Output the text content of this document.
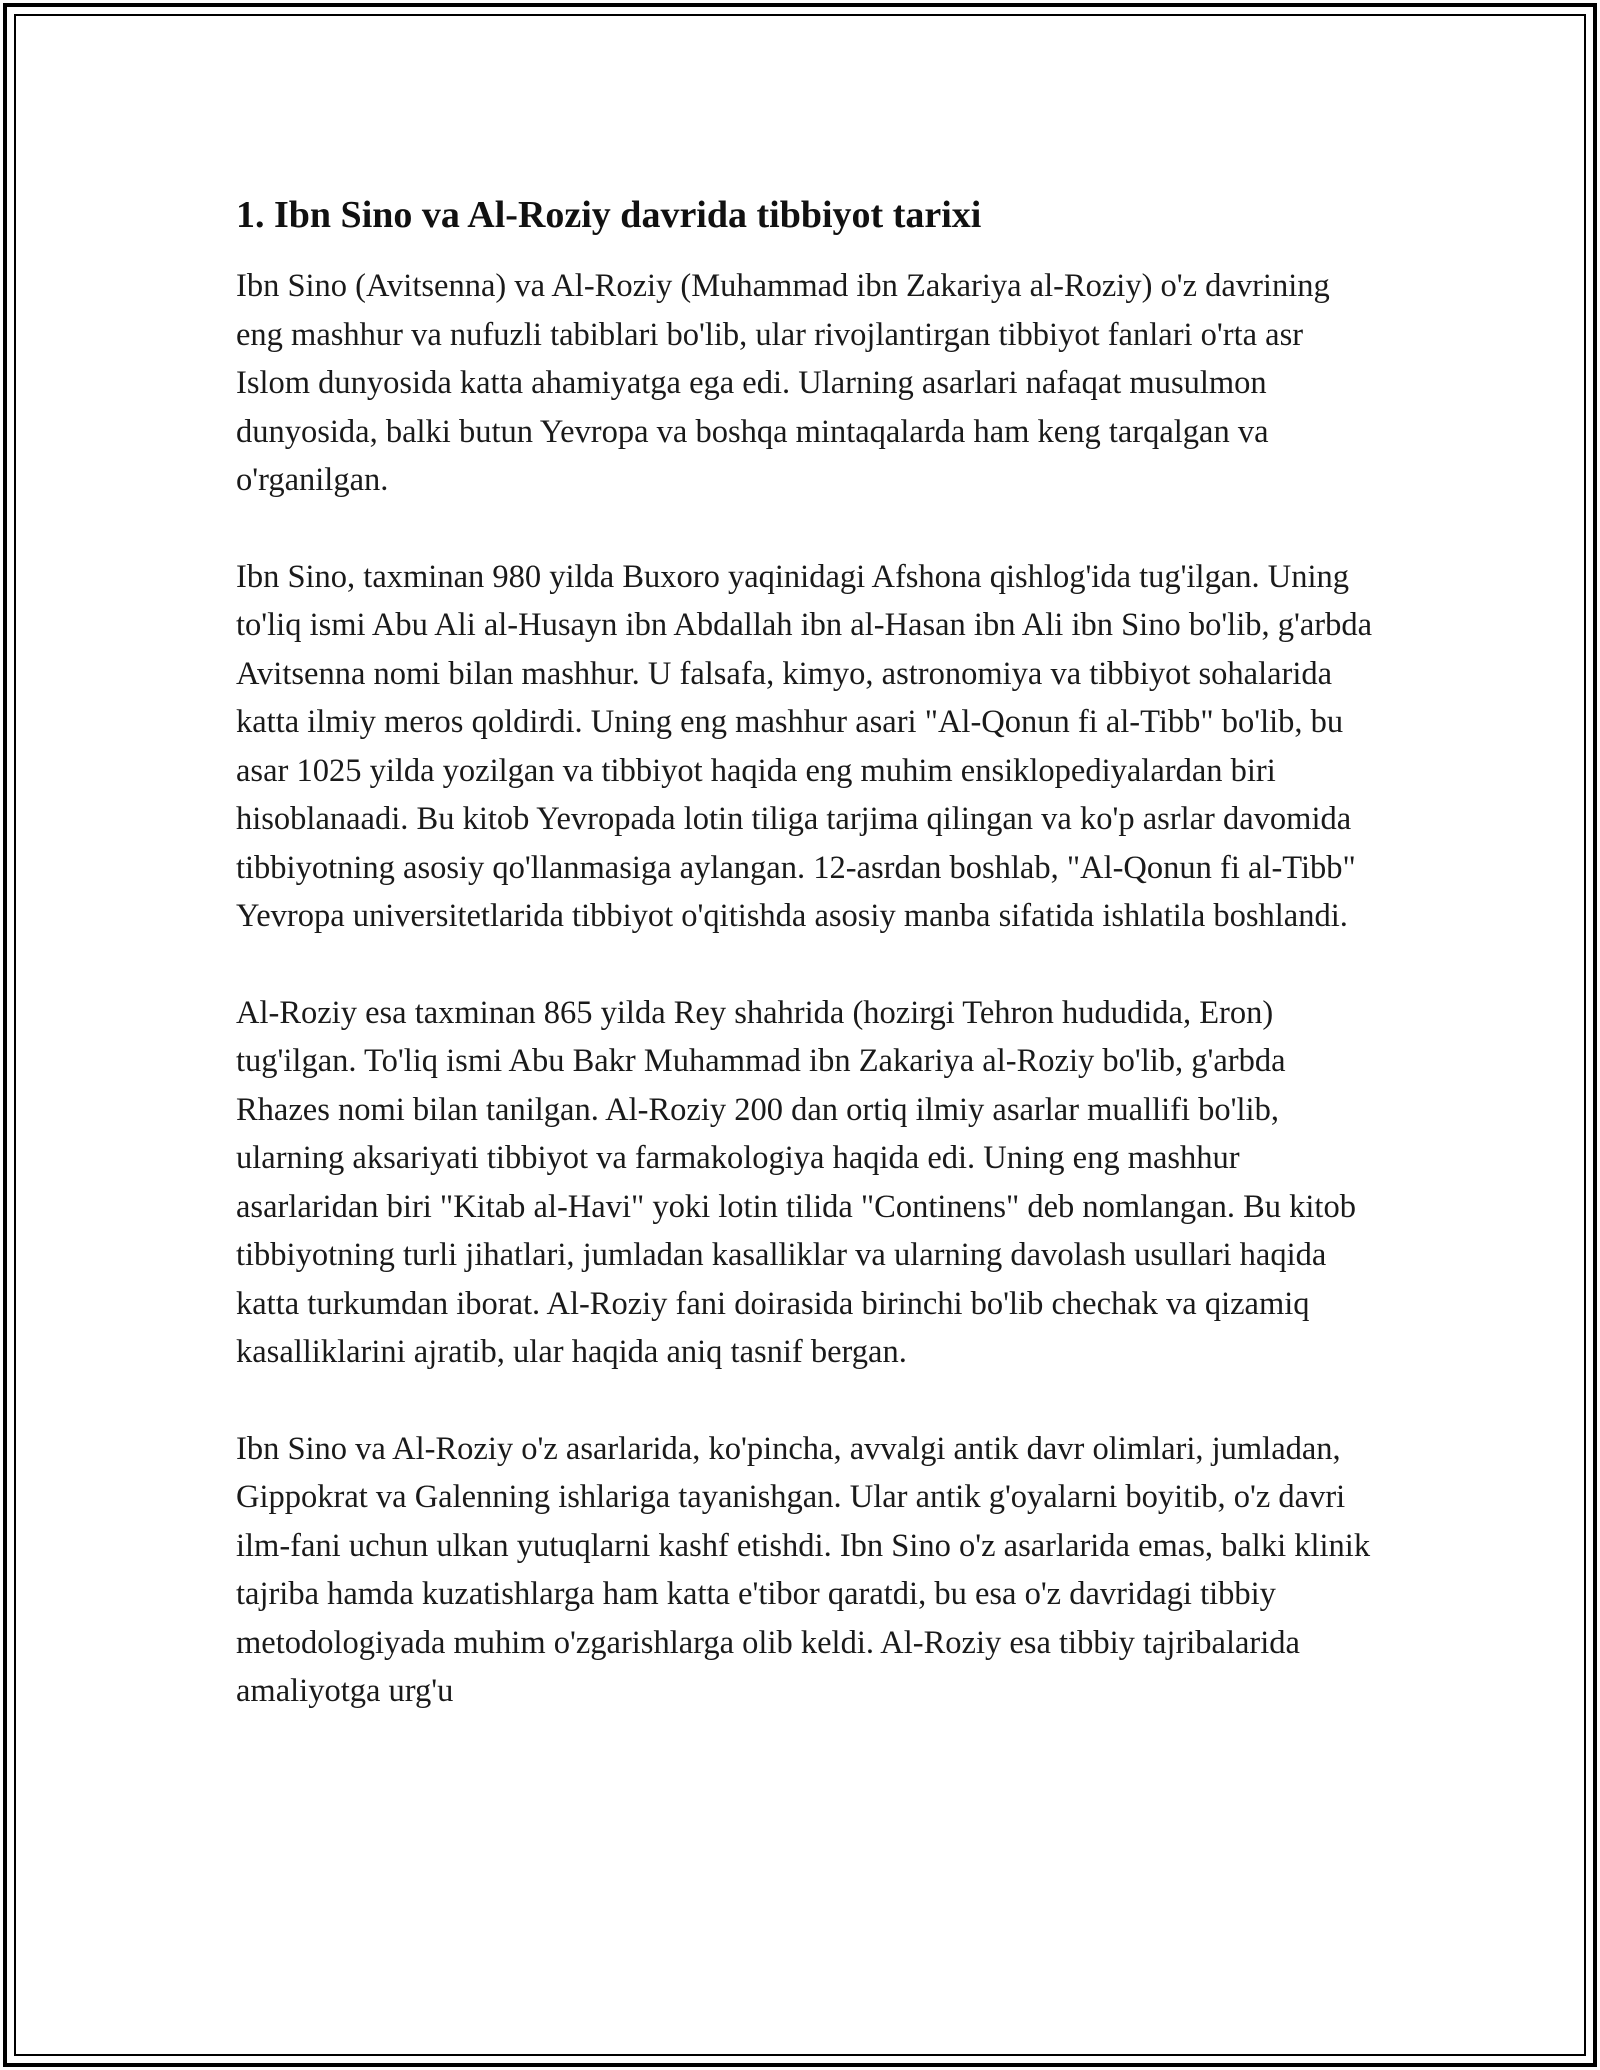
1. Ibn Sino va Al-Roziy davrida tibbiyot tarixi

Ibn Sino (Avitsenna) va Al-Roziy (Muhammad ibn Zakariya al-Roziy) o'z davrining eng mashhur va nufuzli tabiblari bo'lib, ular rivojlantirgan tibbiyot fanlari o'rta asr Islom dunyosida katta ahamiyatga ega edi. Ularning asarlari nafaqat musulmon dunyosida, balki butun Yevropa va boshqa mintaqalarda ham keng tarqalgan va o'rganilgan.

Ibn Sino, taxminan 980 yilda Buxoro yaqinidagi Afshona qishlog'ida tug'ilgan. Uning to'liq ismi Abu Ali al-Husayn ibn Abdallah ibn al-Hasan ibn Ali ibn Sino bo'lib, g'arbda Avitsenna nomi bilan mashhur. U falsafa, kimyo, astronomiya va tibbiyot sohalarida katta ilmiy meros qoldirdi. Uning eng mashhur asari "Al-Qonun fi al-Tibb" bo'lib, bu asar 1025 yilda yozilgan va tibbiyot haqida eng muhim ensiklopediyalardan biri hisoblanaadi. Bu kitob Yevropada lotin tiliga tarjima qilingan va ko'p asrlar davomida tibbiyotning asosiy qo'llanmasiga aylangan. 12-asrdan boshlab, "Al-Qonun fi al-Tibb" Yevropa universitetlarida tibbiyot o'qitishda asosiy manba sifatida ishlatila boshlandi.

Al-Roziy esa taxminan 865 yilda Rey shahrida (hozirgi Tehron hududida, Eron) tug'ilgan. To'liq ismi Abu Bakr Muhammad ibn Zakariya al-Roziy bo'lib, g'arbda Rhazes nomi bilan tanilgan. Al-Roziy 200 dan ortiq ilmiy asarlar muallifi bo'lib, ularning aksariyati tibbiyot va farmakologiya haqida edi. Uning eng mashhur asarlaridan biri "Kitab al-Havi" yoki lotin tilida "Continens" deb nomlangan. Bu kitob tibbiyotning turli jihatlari, jumladan kasalliklar va ularning davolash usullari haqida katta turkumdan iborat. Al-Roziy fani doirasida birinchi bo'lib chechak va qizamiq kasalliklarini ajratib, ular haqida aniq tasnif bergan.

Ibn Sino va Al-Roziy o'z asarlarida, ko'pincha, avvalgi antik davr olimlari, jumladan, Gippokrat va Galenning ishlariga tayanishgan. Ular antik g'oyalarni boyitib, o'z davri ilm-fani uchun ulkan yutuqlarni kashf etishdi. Ibn Sino o'z asarlarida emas, balki klinik tajriba hamda kuzatishlarga ham katta e'tibor qaratdi, bu esa o'z davridagi tibbiy metodologiyada muhim o'zgarishlarga olib keldi. Al-Roziy esa tibbiy tajribalarida amaliyotga urg'u
